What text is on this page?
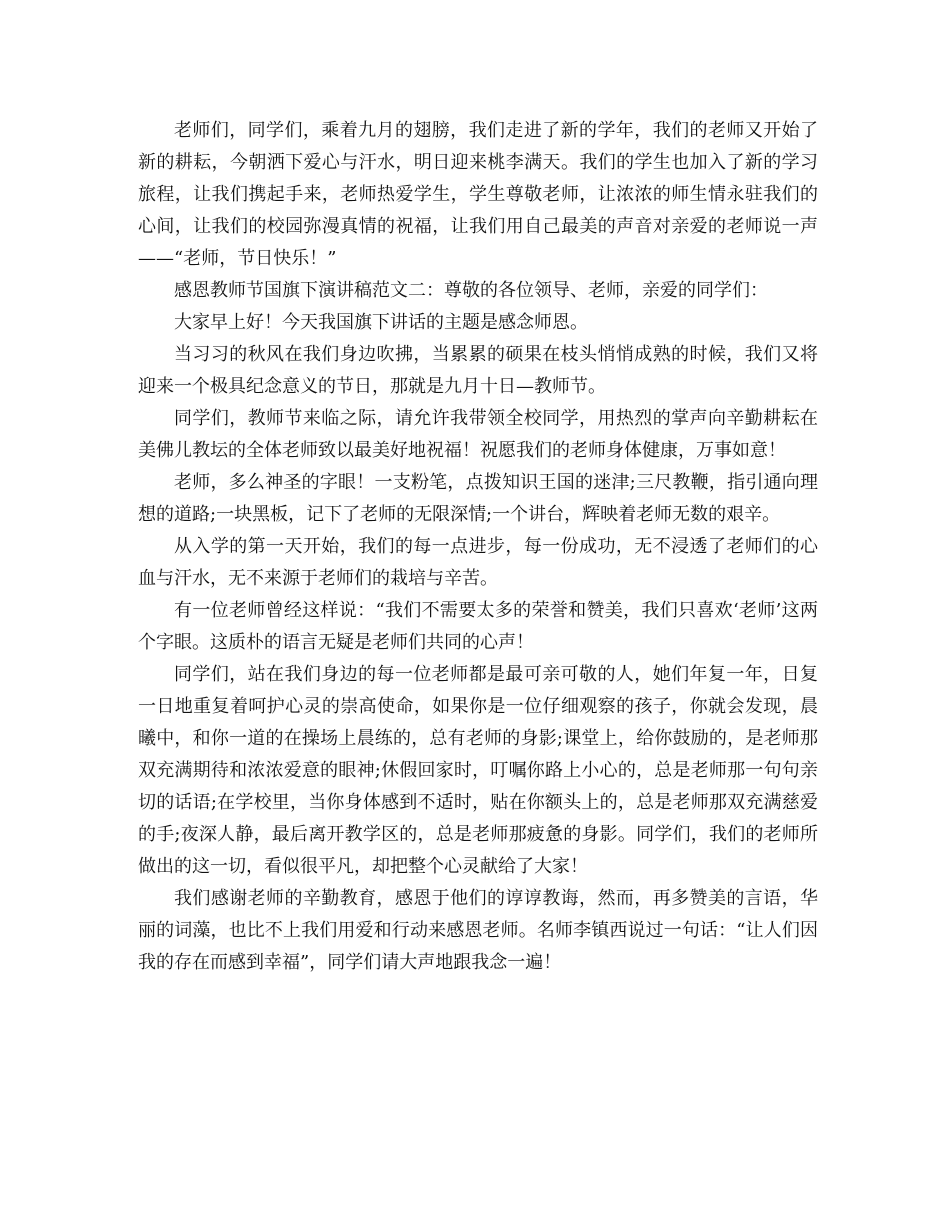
老师们，同学们，乘着九月的翅膀，我们走进了新的学年，我们的老师又开始了新的耕耘，今朝洒下爱心与汗水，明日迎来桃李满天。我们的学生也加入了新的学习旅程，让我们携起手来，老师热爱学生，学生尊敬老师，让浓浓的师生情永驻我们的心间，让我们的校园弥漫真情的祝福，让我们用自己最美的声音对亲爱的老师说一声——“老师，节日快乐！”

感恩教师节国旗下演讲稿范文二：尊敬的各位领导、老师，亲爱的同学们：

大家早上好！今天我国旗下讲话的主题是感念师恩。

当习习的秋风在我们身边吹拂，当累累的硕果在枝头悄悄成熟的时候，我们又将迎来一个极具纪念意义的节日，那就是九月十日—教师节。

同学们，教师节来临之际，请允许我带领全校同学，用热烈的掌声向辛勤耕耘在美佛儿教坛的全体老师致以最美好地祝福！祝愿我们的老师身体健康，万事如意！

老师，多么神圣的字眼！一支粉笔，点拨知识王国的迷津;三尺教鞭，指引通向理想的道路;一块黑板，记下了老师的无限深情;一个讲台，辉映着老师无数的艰辛。

从入学的第一天开始，我们的每一点进步，每一份成功，无不浸透了老师们的心血与汗水，无不来源于老师们的栽培与辛苦。

有一位老师曾经这样说：“我们不需要太多的荣誉和赞美，我们只喜欢‘老师’这两个字眼。这质朴的语言无疑是老师们共同的心声！

同学们，站在我们身边的每一位老师都是最可亲可敬的人，她们年复一年，日复一日地重复着呵护心灵的崇高使命，如果你是一位仔细观察的孩子，你就会发现，晨曦中，和你一道的在操场上晨练的，总有老师的身影;课堂上，给你鼓励的，是老师那双充满期待和浓浓爱意的眼神;休假回家时，叮嘱你路上小心的，总是老师那一句句亲切的话语;在学校里，当你身体感到不适时，贴在你额头上的，总是老师那双充满慈爱的手;夜深人静，最后离开教学区的，总是老师那疲惫的身影。同学们，我们的老师所做出的这一切，看似很平凡，却把整个心灵献给了大家！

我们感谢老师的辛勤教育，感恩于他们的谆谆教诲，然而，再多赞美的言语，华丽的词藻，也比不上我们用爱和行动来感恩老师。名师李镇西说过一句话：“让人们因我的存在而感到幸福”，同学们请大声地跟我念一遍！
